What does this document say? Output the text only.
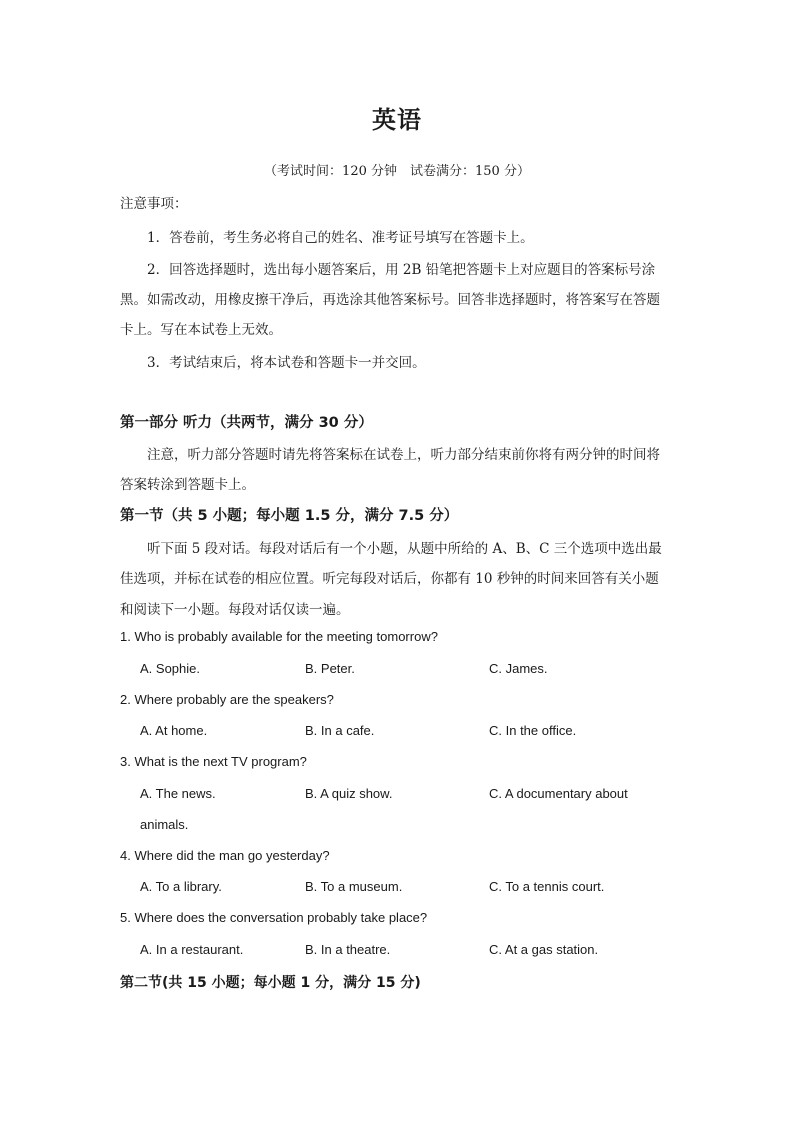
英语
（考试时间：120 分钟　试卷满分：150 分）
注意事项：
1．答卷前，考生务必将自己的姓名、准考证号填写在答题卡上。
2．回答选择题时，选出每小题答案后，用 2B 铅笔把答题卡上对应题目的答案标号涂
黑。如需改动，用橡皮擦干净后，再选涂其他答案标号。回答非选择题时，将答案写在答题
卡上。写在本试卷上无效。
3．考试结束后，将本试卷和答题卡一并交回。
第一部分 听力（共两节，满分 30 分）
注意，听力部分答题时请先将答案标在试卷上，听力部分结束前你将有两分钟的时间将
答案转涂到答题卡上。
第一节（共 5 小题；每小题 1.5 分，满分 7.5 分）
听下面 5 段对话。每段对话后有一个小题，从题中所给的 A、B、C 三个选项中选出最
佳选项，并标在试卷的相应位置。听完每段对话后，你都有 10 秒钟的时间来回答有关小题
和阅读下一小题。每段对话仅读一遍。
1. Who is probably available for the meeting tomorrow?
A. Sophie.	B. Peter.	C. James.
2. Where probably are the speakers?
A. At home.	B. In a cafe.	C. In the office.
3. What is the next TV program?
A. The news.	B. A quiz show.	C. A documentary about
animals.
4. Where did the man go yesterday?
A. To a library.	B. To a museum.	C. To a tennis court.
5. Where does the conversation probably take place?
A. In a restaurant.	B. In a theatre.	C. At a gas station.
第二节(共 15 小题；每小题 1 分，满分 15 分)
